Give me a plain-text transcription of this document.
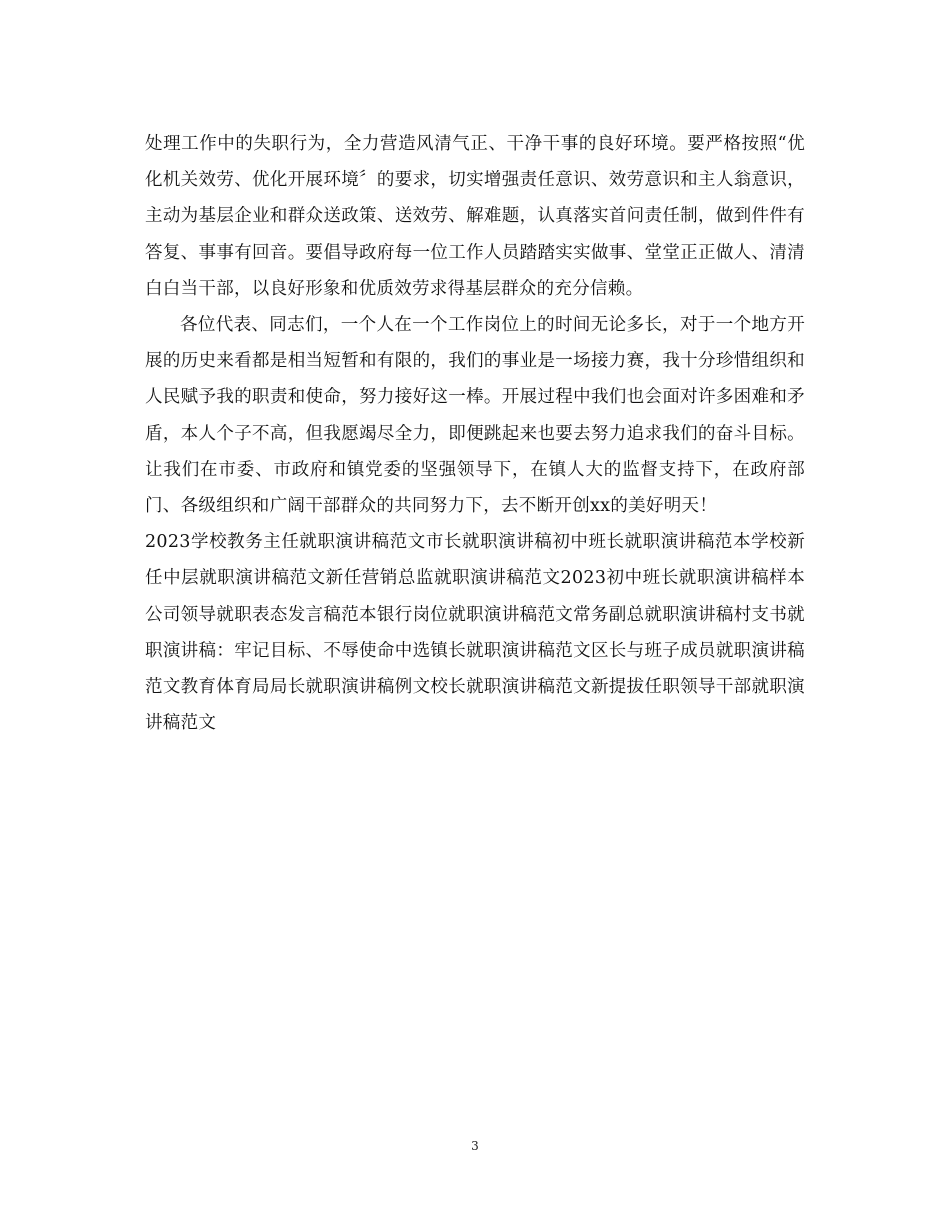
处理工作中的失职行为，全力营造风清气正、干净干事的良好环境。要严格按照“优化机关效劳、优化开展环境〞的要求，切实增强责任意识、效劳意识和主人翁意识，主动为基层企业和群众送政策、送效劳、解难题，认真落实首问责任制，做到件件有答复、事事有回音。要倡导政府每一位工作人员踏踏实实做事、堂堂正正做人、清清白白当干部，以良好形象和优质效劳求得基层群众的充分信赖。

各位代表、同志们，一个人在一个工作岗位上的时间无论多长，对于一个地方开展的历史来看都是相当短暂和有限的，我们的事业是一场接力赛，我十分珍惜组织和人民赋予我的职责和使命，努力接好这一棒。开展过程中我们也会面对许多困难和矛盾，本人个子不高，但我愿竭尽全力，即便跳起来也要去努力追求我们的奋斗目标。让我们在市委、市政府和镇党委的坚强领导下，在镇人大的监督支持下，在政府部门、各级组织和广阔干部群众的共同努力下，去不断开创xx的美好明天！

2023学校教务主任就职演讲稿范文市长就职演讲稿初中班长就职演讲稿范本学校新任中层就职演讲稿范文新任营销总监就职演讲稿范文2023初中班长就职演讲稿样本公司领导就职表态发言稿范本银行岗位就职演讲稿范文常务副总就职演讲稿村支书就职演讲稿：牢记目标、不辱使命中选镇长就职演讲稿范文区长与班子成员就职演讲稿范文教育体育局局长就职演讲稿例文校长就职演讲稿范文新提拔任职领导干部就职演讲稿范文

3
